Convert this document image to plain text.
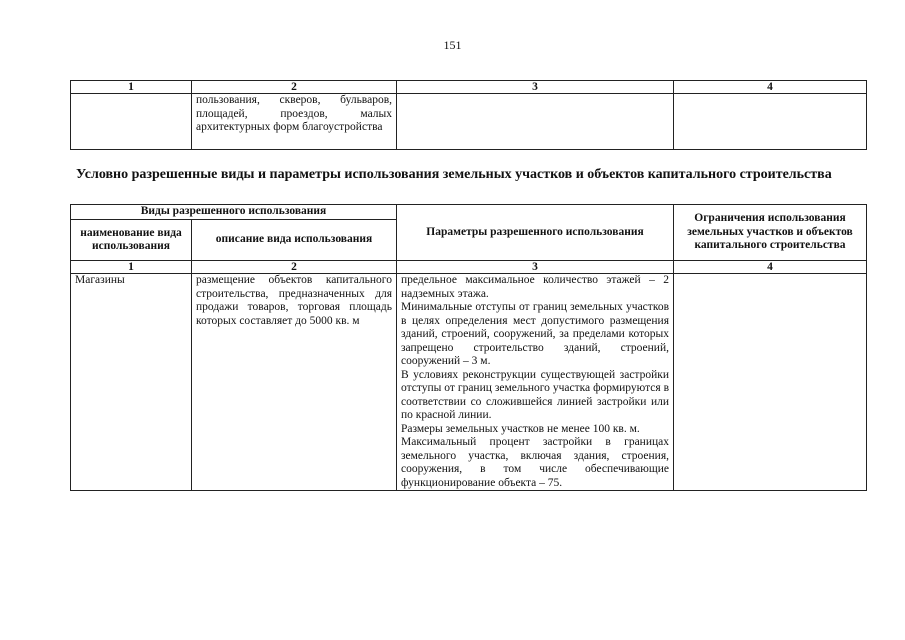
151
1	2	3	4
	пользования, скверов, бульваров, площадей, проездов, малых архитектурных форм благоустройства		
Условно разрешенные виды и параметры использования земельных участков и объектов капитального строительства
Виды разрешенного использования		Параметры разрешенного использования	Ограничения использования земельных участков и объектов капитального строительства
наименование вида использования	описание вида использования		
1	2	3	4
Магазины	размещение объектов капитального строительства, предназначенных для продажи товаров, торговая площадь которых составляет до 5000 кв. м	предельное максимальное количество этажей – 2 надземных этажа.

Минимальные отступы от границ земельных участков в целях определения мест допустимого размещения зданий, строений, сооружений, за пределами которых запрещено строительство зданий, строений, сооружений – 3 м.

В условиях реконструкции существующей застройки отступы от границ земельного участка формируются в соответствии со сложившейся линией застройки или по красной линии.

Размеры земельных участков не менее 100 кв. м.

Максимальный процент застройки в границах земельного участка, включая здания, строения, сооружения, в том числе обеспечивающие функционирование объекта – 75.	
